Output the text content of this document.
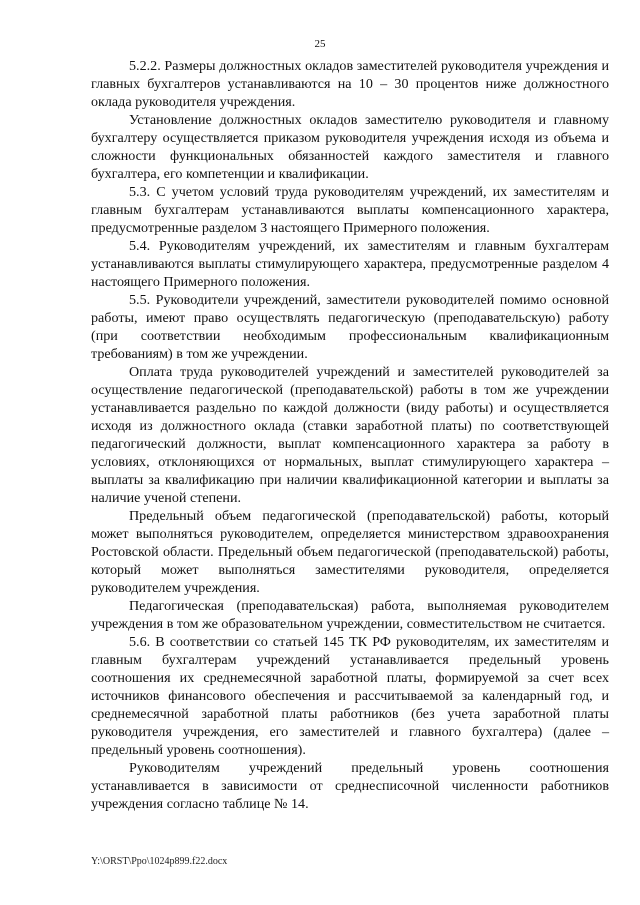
25

5.2.2. Размеры должностных окладов заместителей руководителя учреждения и главных бухгалтеров устанавливаются на 10 – 30 процентов ниже должностного оклада руководителя учреждения.

Установление должностных окладов заместителю руководителя и главному бухгалтеру осуществляется приказом руководителя учреждения исходя из объема и сложности функциональных обязанностей каждого заместителя и главного бухгалтера, его компетенции и квалификации.

5.3. С учетом условий труда руководителям учреждений, их заместителям и главным бухгалтерам устанавливаются выплаты компенсационного характера, предусмотренные разделом 3 настоящего Примерного положения.

5.4. Руководителям учреждений, их заместителям и главным бухгалтерам устанавливаются выплаты стимулирующего характера, предусмотренные разделом 4 настоящего Примерного положения.

5.5. Руководители учреждений, заместители руководителей помимо основной работы, имеют право осуществлять педагогическую (преподавательскую) работу (при соответствии необходимым профессиональным квалификационным требованиям) в том же учреждении.

Оплата труда руководителей учреждений и заместителей руководителей за осуществление педагогической (преподавательской) работы в том же учреждении устанавливается раздельно по каждой должности (виду работы) и осуществляется исходя из должностного оклада (ставки заработной платы) по соответствующей педагогический должности, выплат компенсационного характера за работу в условиях, отклоняющихся от нормальных, выплат стимулирующего характера – выплаты за квалификацию при наличии квалификационной категории и выплаты за наличие ученой степени.

Предельный объем педагогической (преподавательской) работы, который может выполняться руководителем, определяется министерством здравоохранения Ростовской области. Предельный объем педагогической (преподавательской) работы, который может выполняться заместителями руководителя, определяется руководителем учреждения.

Педагогическая (преподавательская) работа, выполняемая руководителем учреждения в том же образовательном учреждении, совместительством не считается.

5.6. В соответствии со статьей 145 ТК РФ руководителям, их заместителям и главным бухгалтерам учреждений устанавливается предельный уровень соотношения их среднемесячной заработной платы, формируемой за счет всех источников финансового обеспечения и рассчитываемой за календарный год, и среднемесячной заработной платы работников (без учета заработной платы руководителя учреждения, его заместителей и главного бухгалтера) (далее – предельный уровень соотношения).

Руководителям учреждений предельный уровень соотношения устанавливается в зависимости от среднесписочной численности работников учреждения согласно таблице № 14.

Y:\ORST\Ppo\1024p899.f22.docx
